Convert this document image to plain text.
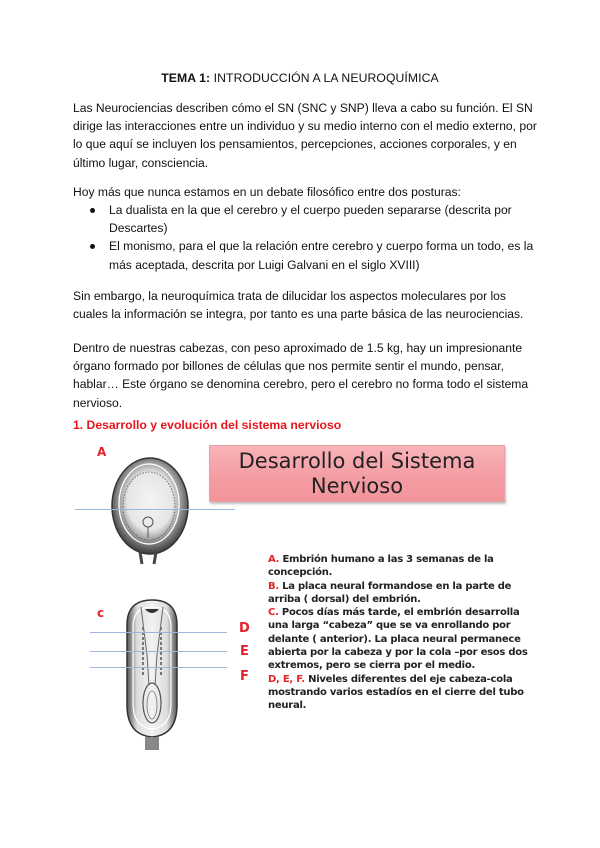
TEMA 1: INTRODUCCIÓN A LA NEUROQUÍMICA

Las Neurociencias describen cómo el SN (SNC y SNP) lleva a cabo su función. El SN dirige las interacciones entre un individuo y su medio interno con el medio externo, por lo que aquí se incluyen los pensamientos, percepciones, acciones corporales, y en último lugar, consciencia.

Hoy más que nunca estamos en un debate filosófico entre dos posturas:

La dualista en la que el cerebro y el cuerpo pueden separarse (descrita por Descartes)
El monismo, para el que la relación entre cerebro y cuerpo forma un todo, es la más aceptada, descrita por Luigi Galvani en el siglo XVIII)

Sin embargo, la neuroquímica trata de dilucidar los aspectos moleculares por los cuales la información se integra, por tanto es una parte básica de las neurociencias.

Dentro de nuestras cabezas, con peso aproximado de 1.5 kg, hay un impresionante órgano formado por billones de células que nos permite sentir el mundo, pensar, hablar… Este órgano se denomina cerebro, pero el cerebro no forma todo el sistema nervioso.

1. Desarrollo y evolución del sistema nervioso
A
c
D
E
F
Desarrollo del Sistema
Nervioso

A. Embrión humano a las 3 semanas de la concepción.

B. La placa neural formandose en la parte de arriba ( dorsal) del embrión.

C. Pocos días más tarde, el embrión desarrolla una larga “cabeza” que se va enrollando por delante ( anterior). La placa neural permanece abierta por la cabeza y por la cola –por esos dos extremos, pero se cierra por el medio.

D, E, F. Niveles diferentes del eje cabeza-cola mostrando varios estadíos en el cierre del tubo neural.
